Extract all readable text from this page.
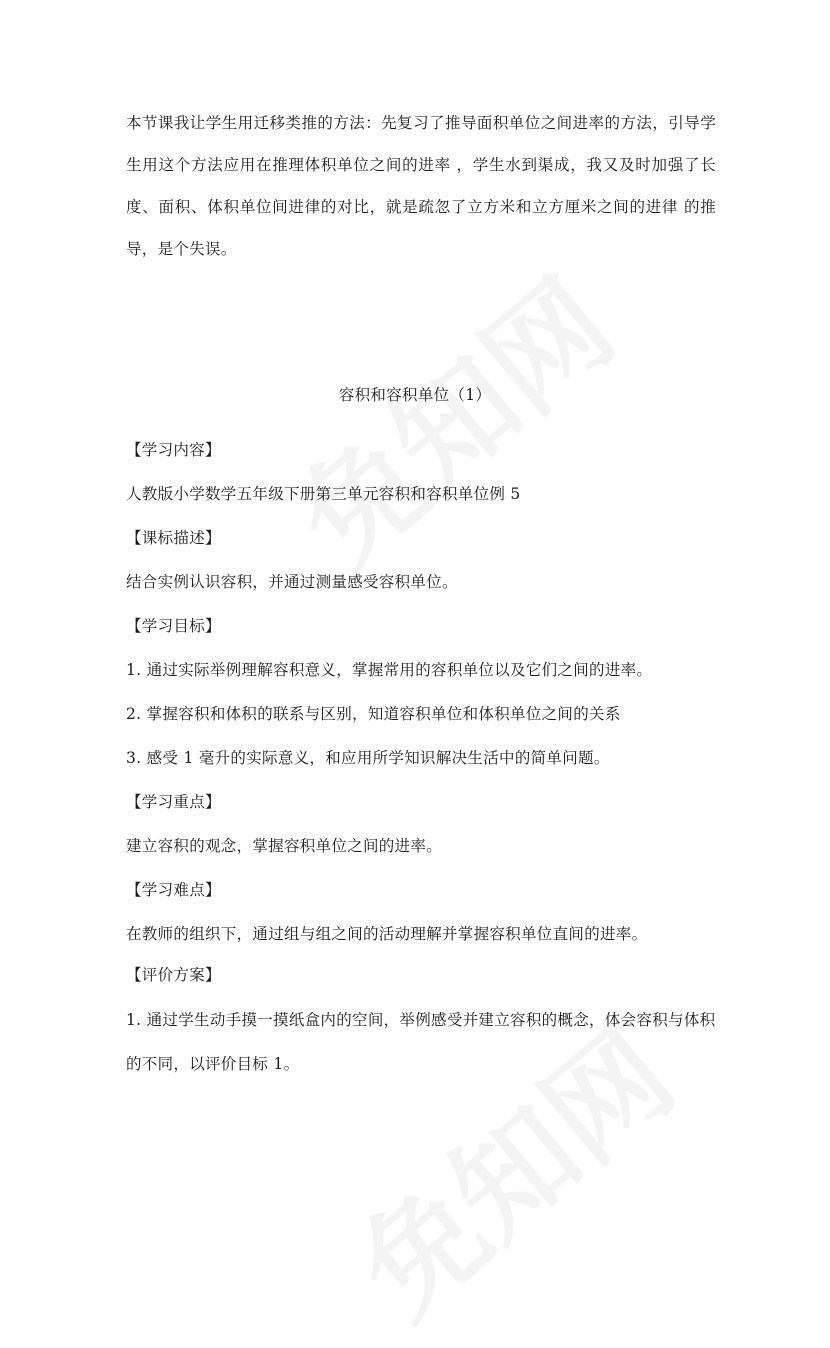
本节课我让学生用迁移类推的方法：先复习了推导面积单位之间进率的方法，引导学生用这个方法应用在推理体积单位之间的进率 ，学生水到渠成，我又及时加强了长度、面积、体积单位间进律的对比，就是疏忽了立方米和立方厘米之间的进律 的推导，是个失误。

容积和容积单位（1）
【学习内容】
人教版小学数学五年级下册第三单元容积和容积单位例 5
【课标描述】
结合实例认识容积，并通过测量感受容积单位。
【学习目标】
1. 通过实际举例理解容积意义，掌握常用的容积单位以及它们之间的进率。
2. 掌握容积和体积的联系与区别，知道容积单位和体积单位之间的关系
3. 感受 1 毫升的实际意义，和应用所学知识解决生活中的简单问题。
【学习重点】
建立容积的观念，掌握容积单位之间的进率。
【学习难点】
在教师的组织下，通过组与组之间的活动理解并掌握容积单位直间的进率。
【评价方案】

1. 通过学生动手摸一摸纸盒内的空间，举例感受并建立容积的概念，体会容积与体积的不同，以评价目标 1。
